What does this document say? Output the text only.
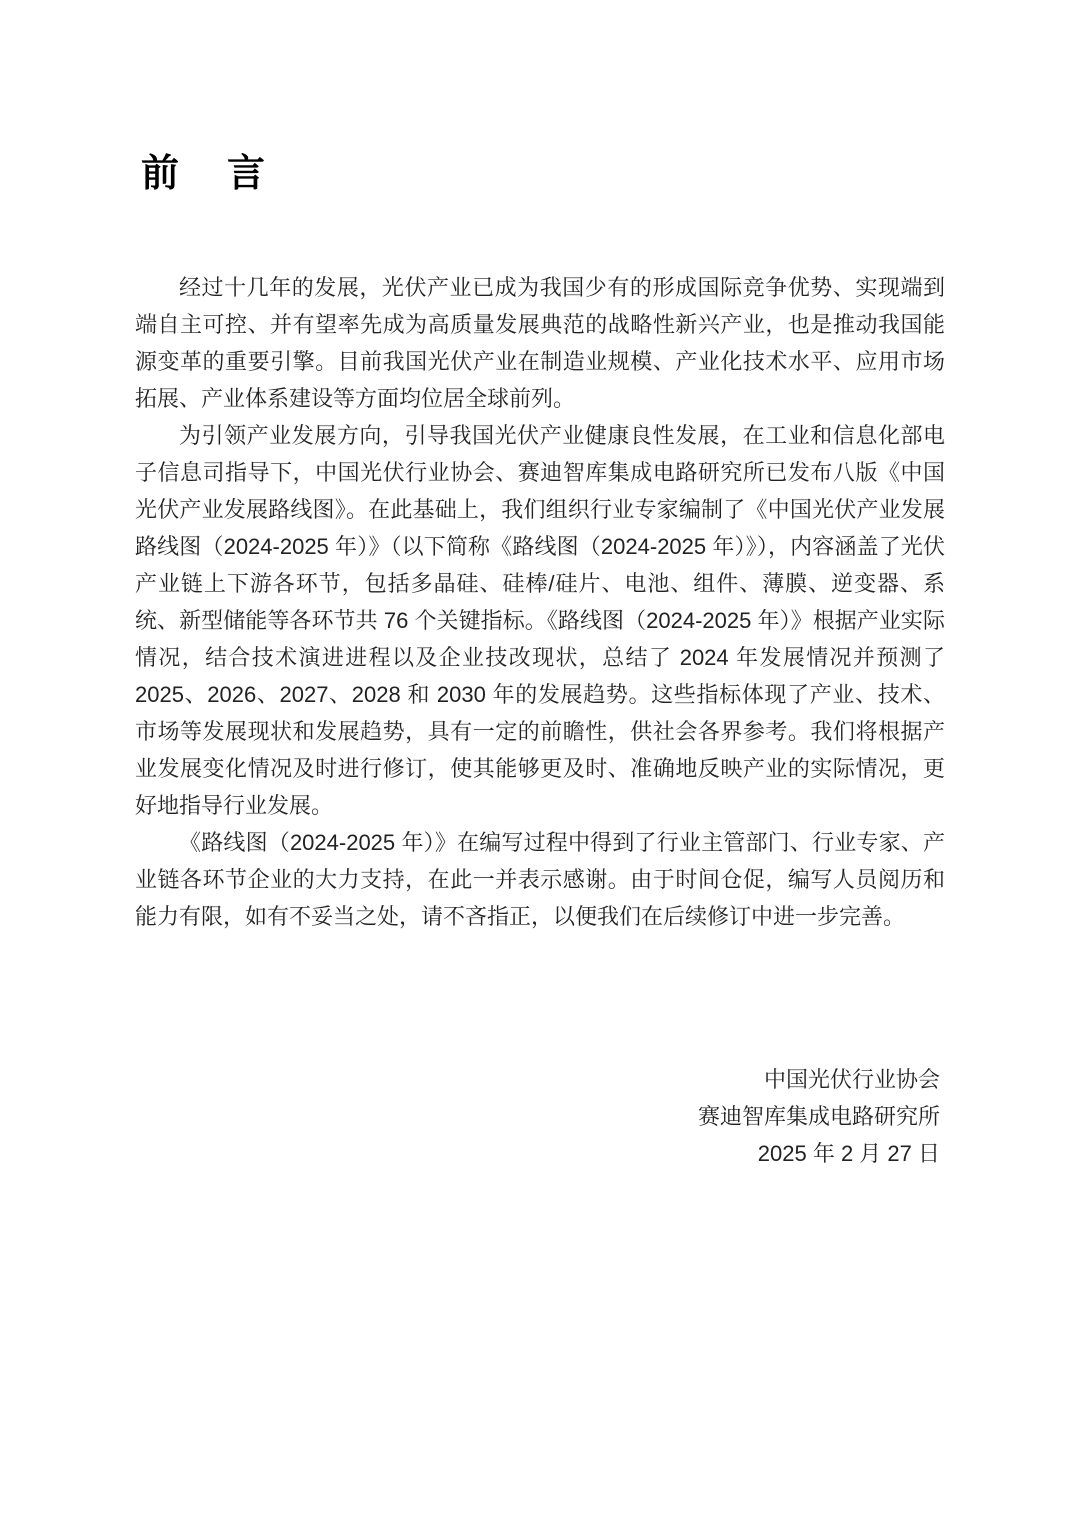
前　言

经过十几年的发展，光伏产业已成为我国少有的形成国际竞争优势、实现端到端自主可控、并有望率先成为高质量发展典范的战略性新兴产业，也是推动我国能源变革的重要引擎。目前我国光伏产业在制造业规模、产业化技术水平、应用市场拓展、产业体系建设等方面均位居全球前列。

为引领产业发展方向，引导我国光伏产业健康良性发展，在工业和信息化部电子信息司指导下，中国光伏行业协会、赛迪智库集成电路研究所已发布八版《中国光伏产业发展路线图》。在此基础上，我们组织行业专家编制了《中国光伏产业发展路线图（2024-2025 年）》（以下简称《路线图（2024-2025 年）》），内容涵盖了光伏产业链上下游各环节，包括多晶硅、硅棒/硅片、电池、组件、薄膜、逆变器、系统、新型储能等各环节共 76 个关键指标。《路线图（2024-2025 年）》根据产业实际情况，结合技术演进进程以及企业技改现状，总结了 2024 年发展情况并预测了 2025、2026、2027、2028 和 2030 年的发展趋势。这些指标体现了产业、技术、市场等发展现状和发展趋势，具有一定的前瞻性，供社会各界参考。我们将根据产业发展变化情况及时进行修订，使其能够更及时、准确地反映产业的实际情况，更好地指导行业发展。

《路线图（2024-2025 年）》在编写过程中得到了行业主管部门、行业专家、产业链各环节企业的大力支持，在此一并表示感谢。由于时间仓促，编写人员阅历和能力有限，如有不妥当之处，请不吝指正，以便我们在后续修订中进一步完善。

中国光伏行业协会
赛迪智库集成电路研究所
2025 年 2 月 27 日
